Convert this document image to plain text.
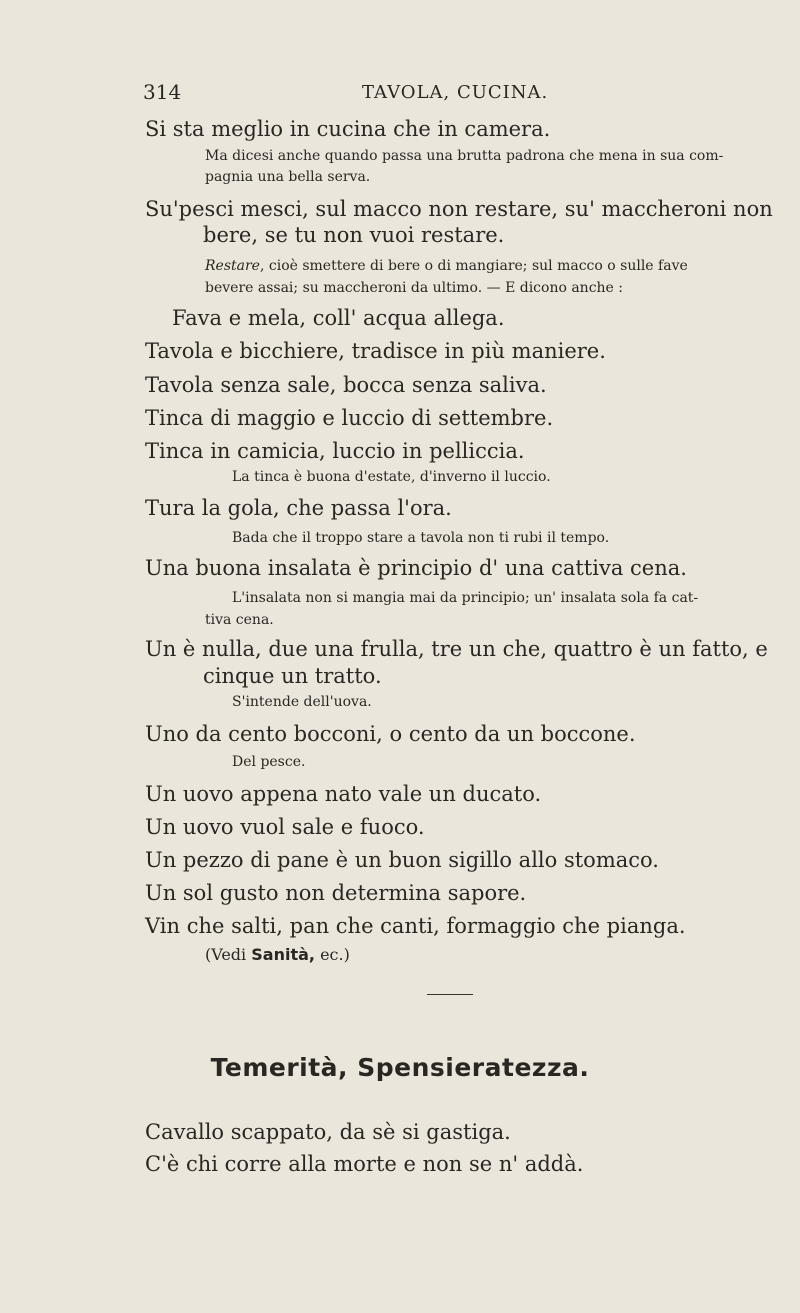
314	TAVOLA, CUCINA.
Si sta meglio in cucina che in camera.
Ma dicesi anche quando passa una brutta padrona che mena in sua com-
pagnia una bella serva.
Su'pesci mesci, sul macco non restare, su' maccheroni non
bere, se tu non vuoi restare.
Restare, cioè smettere di bere o di mangiare; sul macco o sulle fave
bevere assai; su maccheroni da ultimo. — E dicono anche :
Fava e mela, coll' acqua allega.
Tavola e bicchiere, tradisce in più maniere.
Tavola senza sale, bocca senza saliva.
Tinca di maggio e luccio di settembre.
Tinca in camicia, luccio in pelliccia.
La tinca è buona d'estate, d'inverno il luccio.
Tura la gola, che passa l'ora.
Bada che il troppo stare a tavola non ti rubi il tempo.
Una buona insalata è principio d' una cattiva cena.
L'insalata non si mangia mai da principio; un' insalata sola fa cat-
tiva cena.
Un è nulla, due una frulla, tre un che, quattro è un fatto, e
cinque un tratto.
S'intende dell'uova.
Uno da cento bocconi, o cento da un boccone.
Del pesce.
Un uovo appena nato vale un ducato.
Un uovo vuol sale e fuoco.
Un pezzo di pane è un buon sigillo allo stomaco.
Un sol gusto non determina sapore.
Vin che salti, pan che canti, formaggio che pianga.
(Vedi Sanità, ec.)
Temerità, Spensieratezza.
Cavallo scappato, da sè si gastiga.
C'è chi corre alla morte e non se n' addà.
